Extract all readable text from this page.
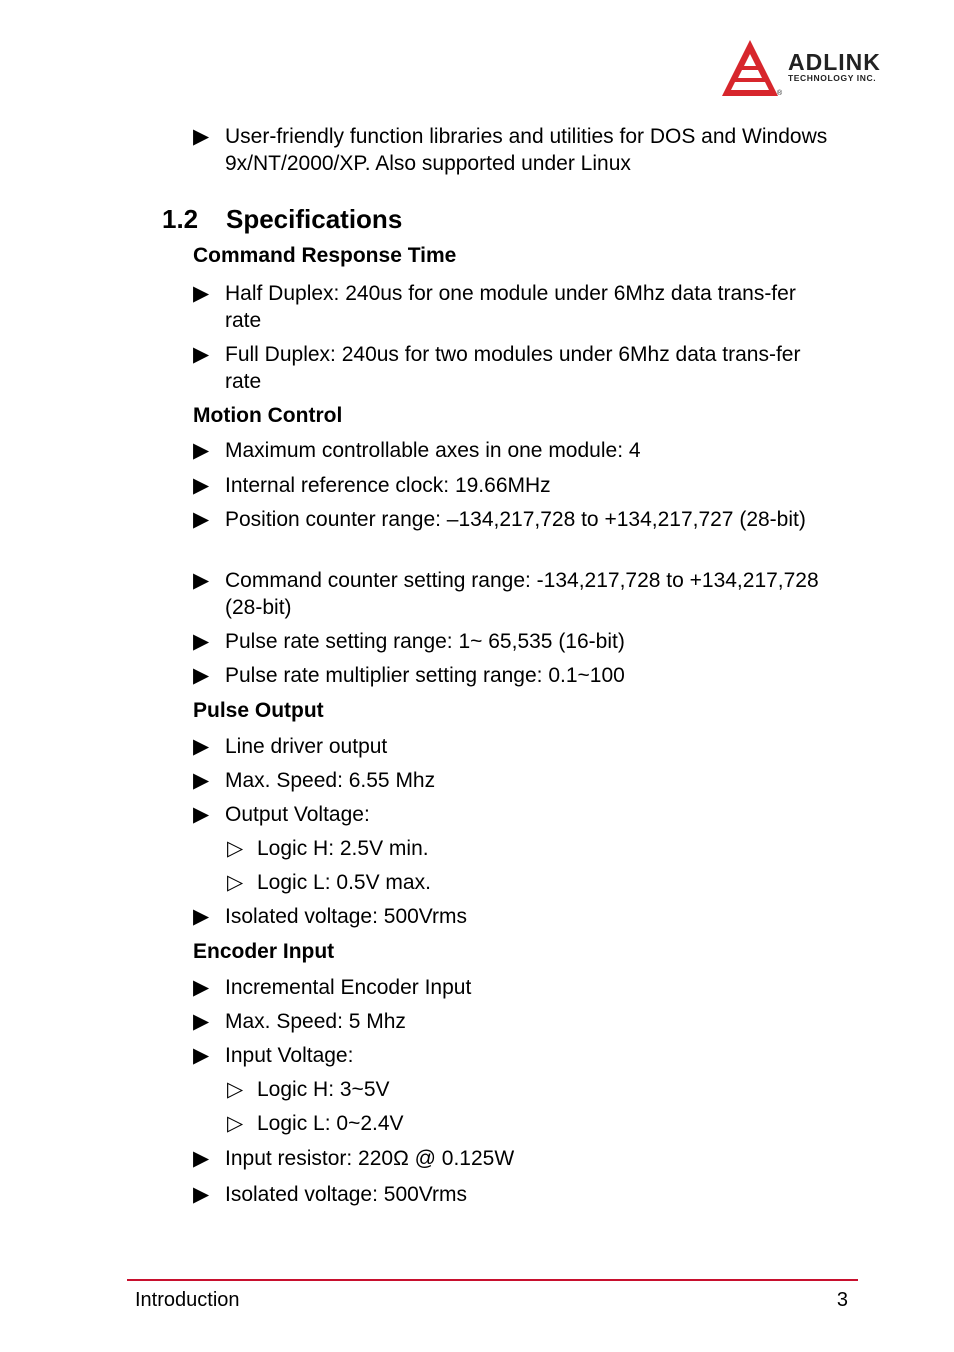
ADLINK
TECHNOLOGY INC.
®
▶ User-friendly function libraries and utilities for DOS and Windows 9x/NT/2000/XP. Also supported under Linux
1.2 Specifications
Command Response Time
▶ Half Duplex: 240us for one module under 6Mhz data trans-fer rate
▶ Full Duplex: 240us for two modules under 6Mhz data trans-fer rate
Motion Control
▶ Maximum controllable axes in one module: 4
▶ Internal reference clock: 19.66MHz
▶ Position counter range: –134,217,728 to +134,217,727 (28-bit)
▶ Command counter setting range: -134,217,728 to +134,217,728 (28-bit)
▶ Pulse rate setting range: 1~ 65,535 (16-bit)
▶ Pulse rate multiplier setting range: 0.1~100
Pulse Output
▶ Line driver output
▶ Max. Speed: 6.55 Mhz
▶ Output Voltage:
▷ Logic H: 2.5V min.
▷ Logic L: 0.5V max.
▶ Isolated voltage: 500Vrms
Encoder Input
▶ Incremental Encoder Input
▶ Max. Speed: 5 Mhz
▶ Input Voltage:
▷ Logic H: 3~5V
▷ Logic L: 0~2.4V
▶ Input resistor: 220Ω @ 0.125W
▶ Isolated voltage: 500Vrms
Introduction	3
